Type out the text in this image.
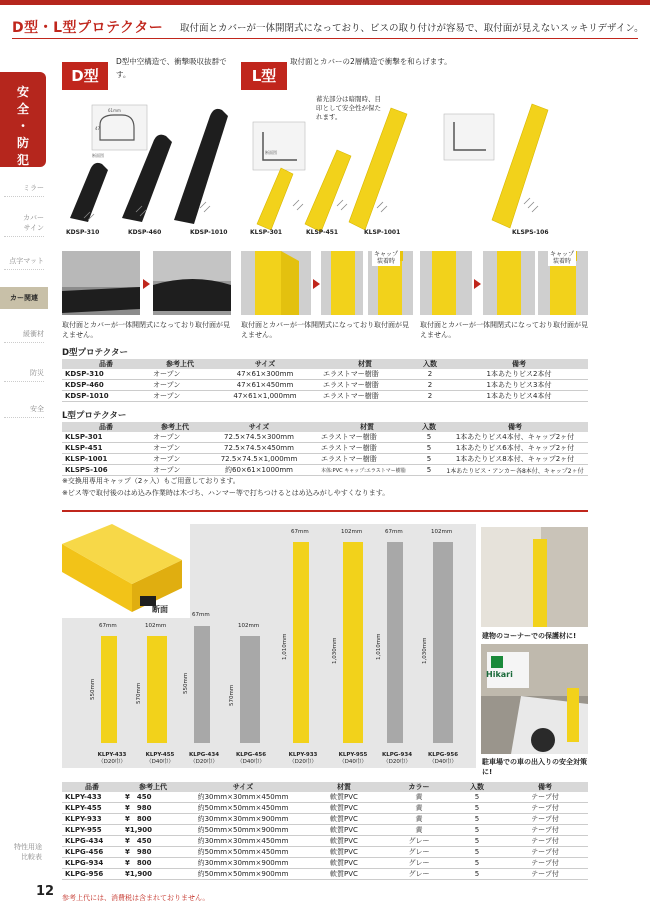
D型・L型プロテクター 取付面とカバーが一体開閉式になっており、ビスの取り付けが容易で、取付面が見えないスッキリデザイン。
安
全
・
防
犯
ミラー
カバー
サイン
点字マット
カー関連
緩衝材
防災
安全
特性用途
比較表
12 参考上代には、消費税は含まれておりません。
D型
D型中空構造で、衝撃吸収抜群です。	L型
取付面とカバーの2層構造で衝撃を和らげます。
61mm
47
断面図
KDSP-310	KDSP-460	KDSP-1010
蓄光部分は暗闇時、目印として安全性が保たれます。
断面図
KLSP-301	KLSP-451	KLSP-1001	KLSPS-106
キャップ
装着時
キャップ
装着時
取付面とカバーが一体開閉式になっており取付面が見えません。
取付面とカバーが一体開閉式になっており取付面が見えません。
取付面とカバーが一体開閉式になっており取付面が見えません。
D型プロテクター
品番	参考上代	サイズ	材質	入数	備考
KDSP-310	オープン	47×61×300mm	エラストマー樹脂	2	1本あたりビス2本付
KDSP-460	オープン	47×61×450mm	エラストマー樹脂	2	1本あたりビス3本付
KDSP-1010	オープン	47×61×1,000mm	エラストマー樹脂	2	1本あたりビス4本付
L型プロテクター
品番	参考上代	サイズ	材質	入数	備考
KLSP-301	オープン	72.5×74.5×300mm	エラストマー樹脂	5	1本あたりビス4本付、キャップ2ヶ付
KLSP-451	オープン	72.5×74.5×450mm	エラストマー樹脂	5	1本あたりビス6本付、キャップ2ヶ付
KLSP-1001	オープン	72.5×74.5×1,000mm	エラストマー樹脂	5	1本あたりビス8本付、キャップ2ヶ付
KLSPS-106	オープン	約60×61×1000mm	本体:PVC キャップ:エラストマー樹脂	5	1本あたりビス・アンカー各8本付、キャップ2ヶ付
※交換用専用キャップ（2ヶ入）もご用意しております。
※ビス等で取付後のはめ込み作業時は木づち、ハンマー等で打ちつけるとはめ込みがしやすくなります。
断面
67mm
550mm
102mm
570mm
67mm
550mm
102mm
570mm
67mm
1,010mm
102mm
1,030mm
67mm
1,010mm
102mm
1,030mm
KLPY-433
（D20巾）
KLPY-455
（D40巾）
KLPG-434
（D20巾）
KLPG-456
（D40巾）
KLPY-933
（D20巾）
KLPY-955
（D40巾）
KLPG-934
（D20巾）
KLPG-956
（D40巾）
建物のコーナーでの保護材に!
Hikari
駐車場での車の出入りの安全対策に!
品番	参考上代	サイズ	材質	カラー	入数	備考
KLPY-433	¥　450	約30mm×30mm×450mm	軟質PVC	黄	5	テープ付
KLPY-455	¥　980	約50mm×50mm×450mm	軟質PVC	黄	5	テープ付
KLPY-933	¥　800	約30mm×30mm×900mm	軟質PVC	黄	5	テープ付
KLPY-955	¥1,900	約50mm×50mm×900mm	軟質PVC	黄	5	テープ付
KLPG-434	¥　450	約30mm×30mm×450mm	軟質PVC	グレー	5	テープ付
KLPG-456	¥　980	約50mm×50mm×450mm	軟質PVC	グレー	5	テープ付
KLPG-934	¥　800	約30mm×30mm×900mm	軟質PVC	グレー	5	テープ付
KLPG-956	¥1,900	約50mm×50mm×900mm	軟質PVC	グレー	5	テープ付
